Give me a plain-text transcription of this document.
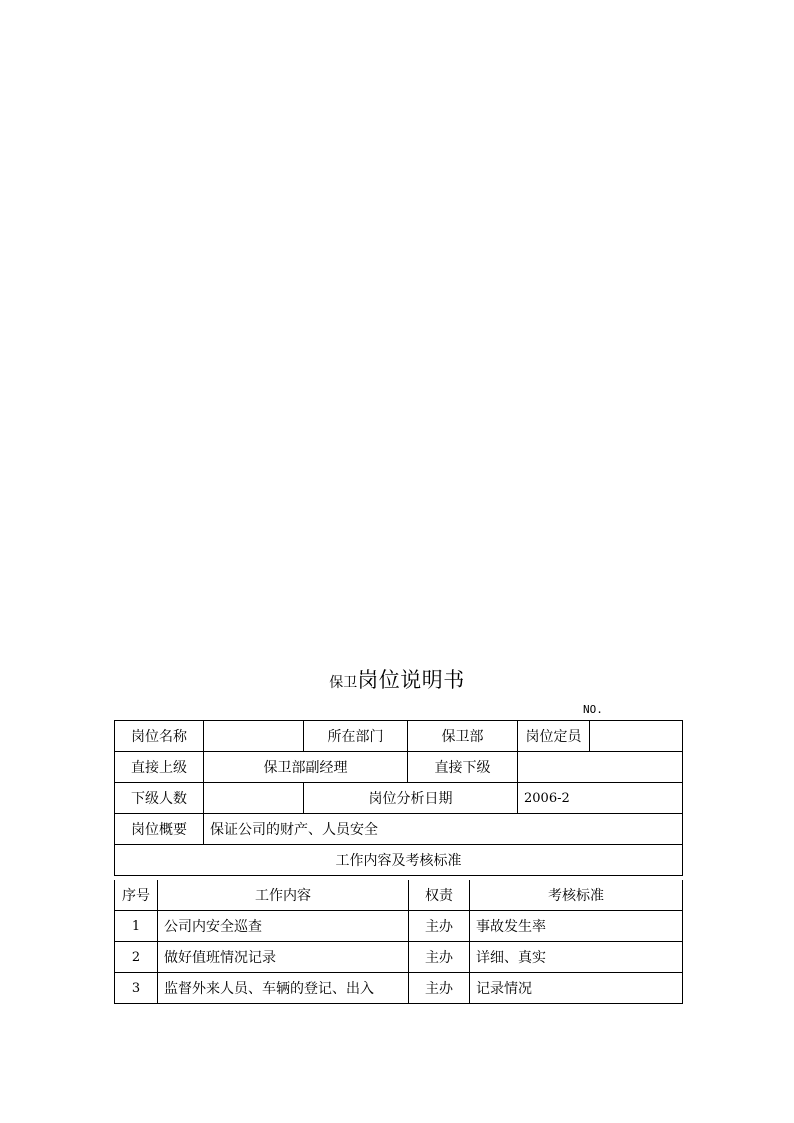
保卫岗位说明书
NO.
岗位名称		所在部门	保卫部	岗位定员	
直接上级	保卫部副经理		直接下级		
下级人数		岗位分析日期		2006-2	
岗位概要	保证公司的财产、人员安全				
工作内容及考核标准					
序号	工作内容	权责	考核标准
1	公司内安全巡查	主办	事故发生率
2	做好值班情况记录	主办	详细、真实
3	监督外来人员、车辆的登记、出入	主办	记录情况
